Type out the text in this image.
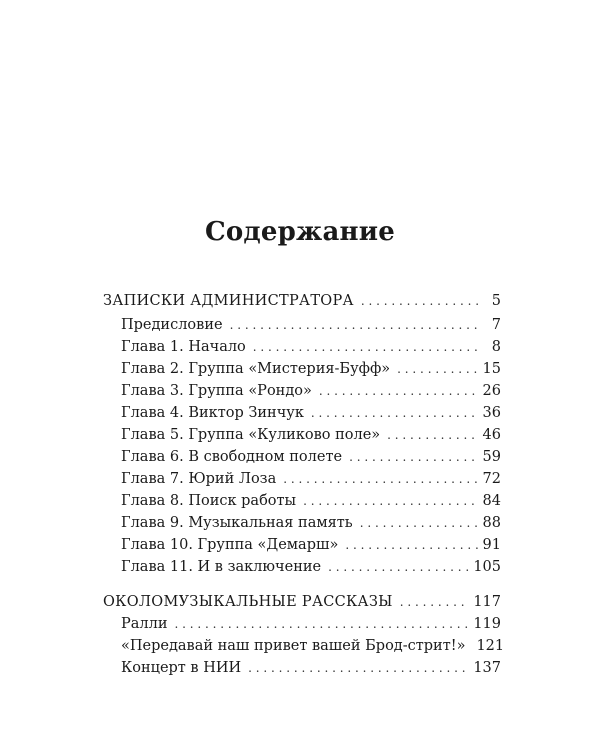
Содержание
ЗАПИСКИ АДМИНИСТРАТОРА . . .	5
Предисловие . . .	7
Глава 1. Начало . . .	8
Глава 2. Группа «Мистерия-Буфф» . . .	15
Глава 3. Группа «Рондо» . . .	26
Глава 4. Виктор Зинчук . . .	36
Глава 5. Группа «Куликово поле» . . .	46
Глава 6. В свободном полете . . .	59
Глава 7. Юрий Лоза . . .	72
Глава 8. Поиск работы . . .	84
Глава 9. Музыкальная память . . .	88
Глава 10. Группа «Демарш» . . .	91
Глава 11. И в заключение . . .	105
ОКОЛОМУЗЫКАЛЬНЫЕ РАССКАЗЫ . . .	117
Ралли . . .	119
«Передавай наш привет вашей Брод-стрит!» 121
Концерт в НИИ . . .	137
